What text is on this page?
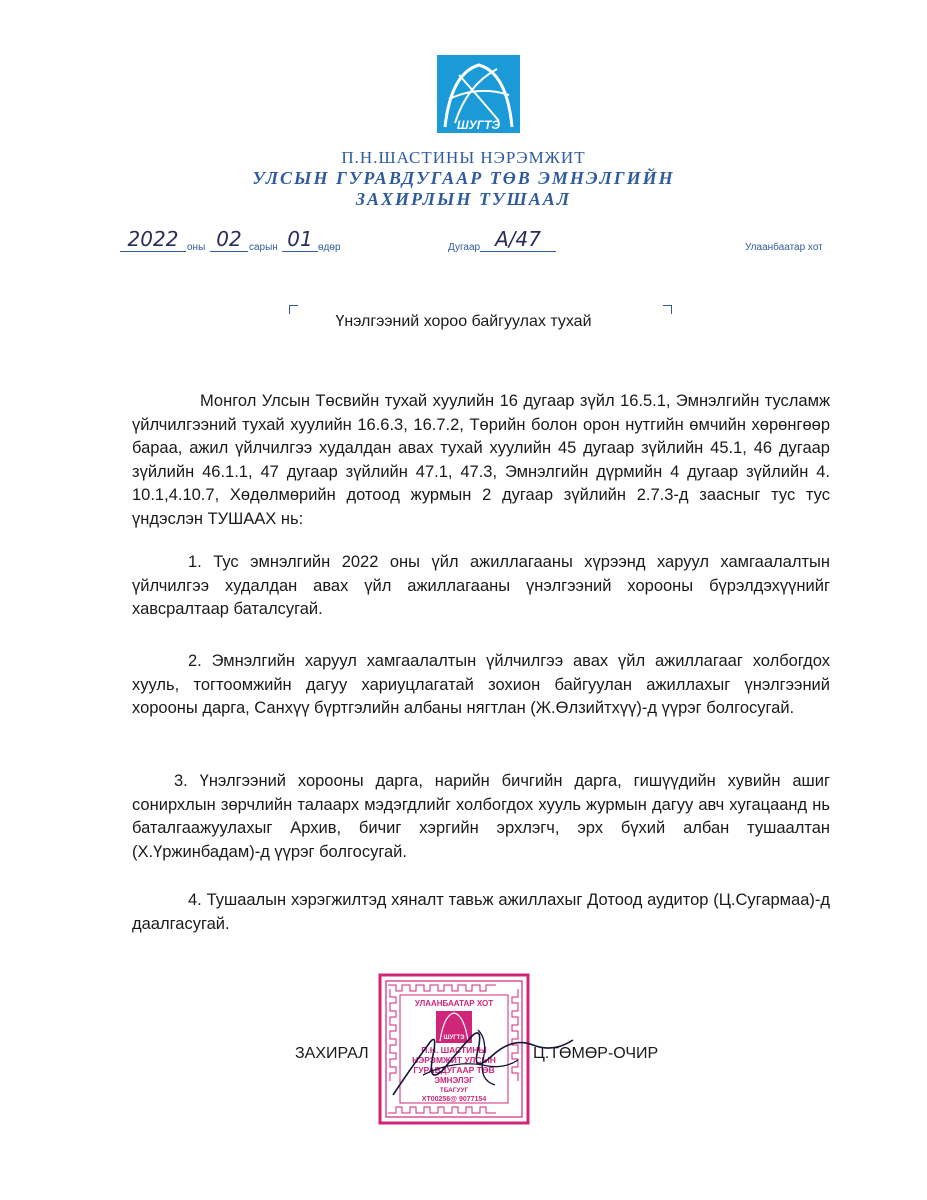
ШУГТЭ
П.Н.ШАСТИНЫ НЭРЭМЖИТ
УЛСЫН ГУРАВДУГААР ТӨВ ЭМНЭЛГИЙН
ЗАХИРЛЫН ТУШААЛ
2022 оны 02 сарын 01 өдөр	Дугаар А/47	Улаанбаатар хот
Үнэлгээний хороо байгуулах тухай
Монгол Улсын Төсвийн тухай хуулийн 16 дугаар зүйл 16.5.1, Эмнэлгийн тусламж үйлчилгээний тухай хуулийн 16.6.3, 16.7.2, Төрийн болон орон нутгийн өмчийн хөрөнгөөр бараа, ажил үйлчилгээ худалдан авах тухай хуулийн 45 дугаар зүйлийн 45.1, 46 дугаар зүйлийн 46.1.1, 47 дугаар зүйлийн 47.1, 47.3, Эмнэлгийн дүрмийн 4 дугаар зүйлийн 4. 10.1,4.10.7, Хөдөлмөрийн дотоод журмын 2 дугаар зүйлийн 2.7.3-д заасныг тус тус үндэслэн ТУШААХ нь:
1. Тус эмнэлгийн 2022 оны үйл ажиллагааны хүрээнд харуул хамгаалалтын үйлчилгээ худалдан авах үйл ажиллагааны үнэлгээний хорооны бүрэлдэхүүнийг хавсралтаар баталсугай.
2. Эмнэлгийн харуул хамгаалалтын үйлчилгээ авах үйл ажиллагааг холбогдох хууль, тогтоомжийн дагуу хариуцлагатай зохион байгуулан ажиллахыг үнэлгээний хорооны дарга, Санхүү бүртгэлийн албаны нягтлан (Ж.Өлзийтхүү)-д үүрэг болгосугай.
3. Үнэлгээний хорооны дарга, нарийн бичгийн дарга, гишүүдийн хувийн ашиг сонирхлын зөрчлийн талаарх мэдэгдлийг холбогдох хууль журмын дагуу авч хугацаанд нь баталгаажуулахыг Архив, бичиг хэргийн эрхлэгч, эрх бүхий албан тушаалтан (Х.Үржинбадам)-д үүрэг болгосугай.
4. Тушаалын хэрэгжилтэд хяналт тавьж ажиллахыг Дотоод аудитор (Ц.Сугармаа)-д даалгасугай.
УЛААНБААТАР ХОТ
ШУГТЭ
П.Н. ШАСТИНЫ
НЭРЭМЖИТ УЛСЫН
ГУРАВДУГААР ТӨВ
ЭМНЭЛЭГ
ТБАГУУГ
ХТ00256@ 9077154
ЗАХИРАЛ	Ц.ТӨМӨР-ОЧИР
